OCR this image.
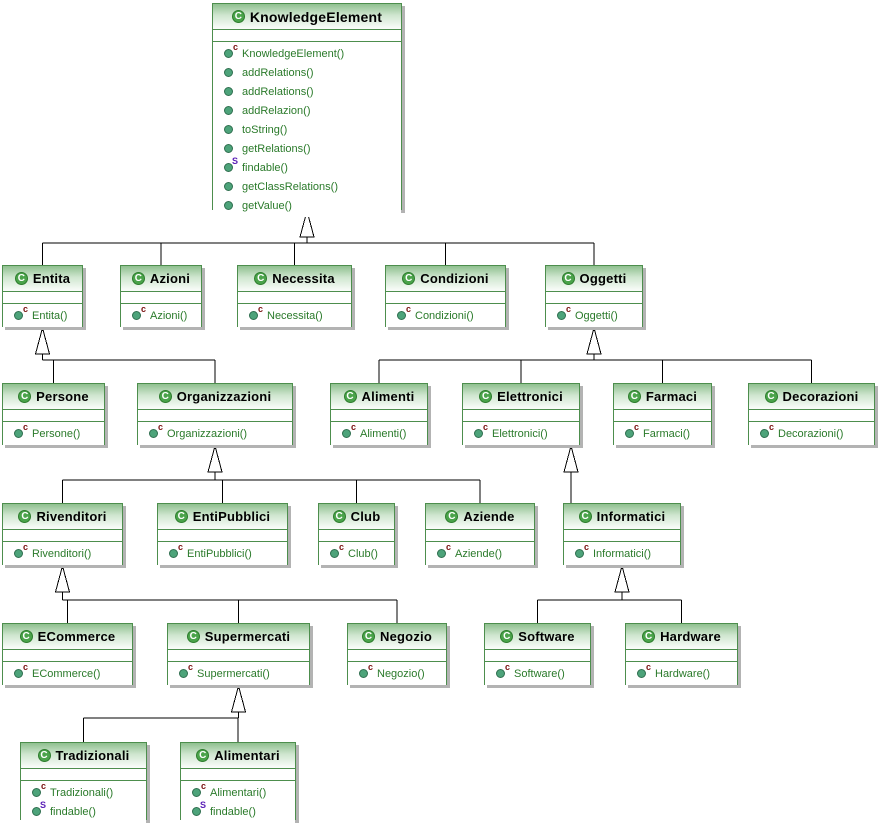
C KnowledgeElement
c
KnowledgeElement()
addRelations()
addRelations()
addRelazion()
toString()
getRelations()
S
findable()
getClassRelations()
getValue()
C Entita
c
Entita()
C Azioni
c
Azioni()
C Necessita
c
Necessita()
C Condizioni
c
Condizioni()
C Oggetti
c
Oggetti()
C Persone
c
Persone()
C Organizzazioni
c
Organizzazioni()
C Alimenti
c
Alimenti()
C Elettronici
c
Elettronici()
C Farmaci
c
Farmaci()
C Decorazioni
c
Decorazioni()
C Rivenditori
c
Rivenditori()
C EntiPubblici
c
EntiPubblici()
C Club
c
Club()
C Aziende
c
Aziende()
C Informatici
c
Informatici()
C ECommerce
c
ECommerce()
C Supermercati
c
Supermercati()
C Negozio
c
Negozio()
C Software
c
Software()
C Hardware
c
Hardware()
C Tradizionali
c
Tradizionali()
S
findable()
C Alimentari
c
Alimentari()
S
findable()
